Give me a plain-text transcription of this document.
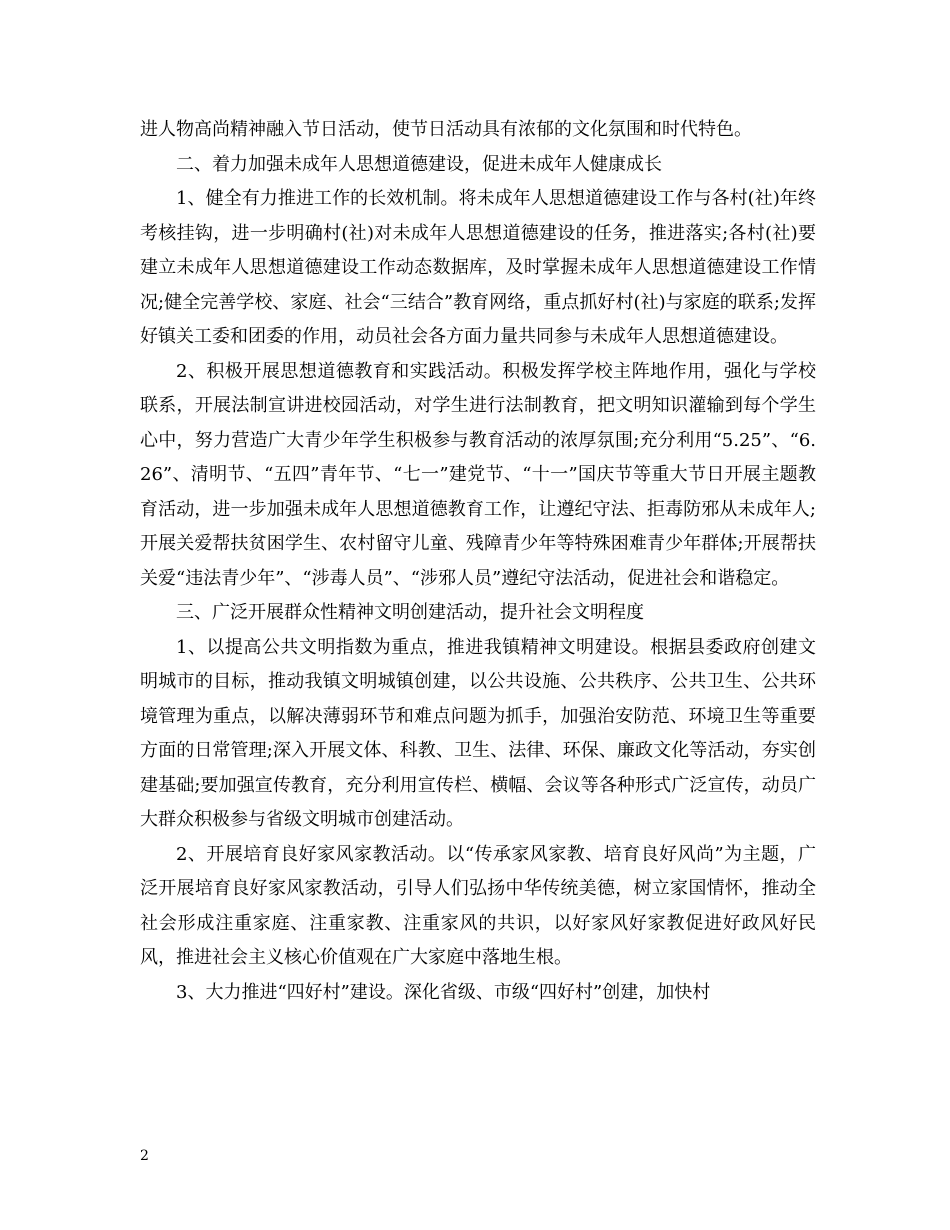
进人物高尚精神融入节日活动，使节日活动具有浓郁的文化氛围和时代特色。

二、着力加强未成年人思想道德建设，促进未成年人健康成长

1、健全有力推进工作的长效机制。将未成年人思想道德建设工作与各村(社)年终考核挂钩，进一步明确村(社)对未成年人思想道德建设的任务，推进落实;各村(社)要建立未成年人思想道德建设工作动态数据库，及时掌握未成年人思想道德建设工作情况;健全完善学校、家庭、社会“三结合”教育网络，重点抓好村(社)与家庭的联系;发挥好镇关工委和团委的作用，动员社会各方面力量共同参与未成年人思想道德建设。

2、积极开展思想道德教育和实践活动。积极发挥学校主阵地作用，强化与学校联系，开展法制宣讲进校园活动，对学生进行法制教育，把文明知识灌输到每个学生心中，努力营造广大青少年学生积极参与教育活动的浓厚氛围;充分利用“5.25”、“6.26”、清明节、“五四”青年节、“七一”建党节、“十一”国庆节等重大节日开展主题教育活动，进一步加强未成年人思想道德教育工作，让遵纪守法、拒毒防邪从未成年人;开展关爱帮扶贫困学生、农村留守儿童、残障青少年等特殊困难青少年群体;开展帮扶关爱“违法青少年”、“涉毒人员”、“涉邪人员”遵纪守法活动，促进社会和谐稳定。

三、广泛开展群众性精神文明创建活动，提升社会文明程度

1、以提高公共文明指数为重点，推进我镇精神文明建设。根据县委政府创建文明城市的目标，推动我镇文明城镇创建，以公共设施、公共秩序、公共卫生、公共环境管理为重点，以解决薄弱环节和难点问题为抓手，加强治安防范、环境卫生等重要方面的日常管理;深入开展文体、科教、卫生、法律、环保、廉政文化等活动，夯实创建基础;要加强宣传教育，充分利用宣传栏、横幅、会议等各种形式广泛宣传，动员广大群众积极参与省级文明城市创建活动。

2、开展培育良好家风家教活动。以“传承家风家教、培育良好风尚”为主题，广泛开展培育良好家风家教活动，引导人们弘扬中华传统美德，树立家国情怀，推动全社会形成注重家庭、注重家教、注重家风的共识，以好家风好家教促进好政风好民风，推进社会主义核心价值观在广大家庭中落地生根。

3、大力推进“四好村”建设。深化省级、市级“四好村”创建，加快村

2
